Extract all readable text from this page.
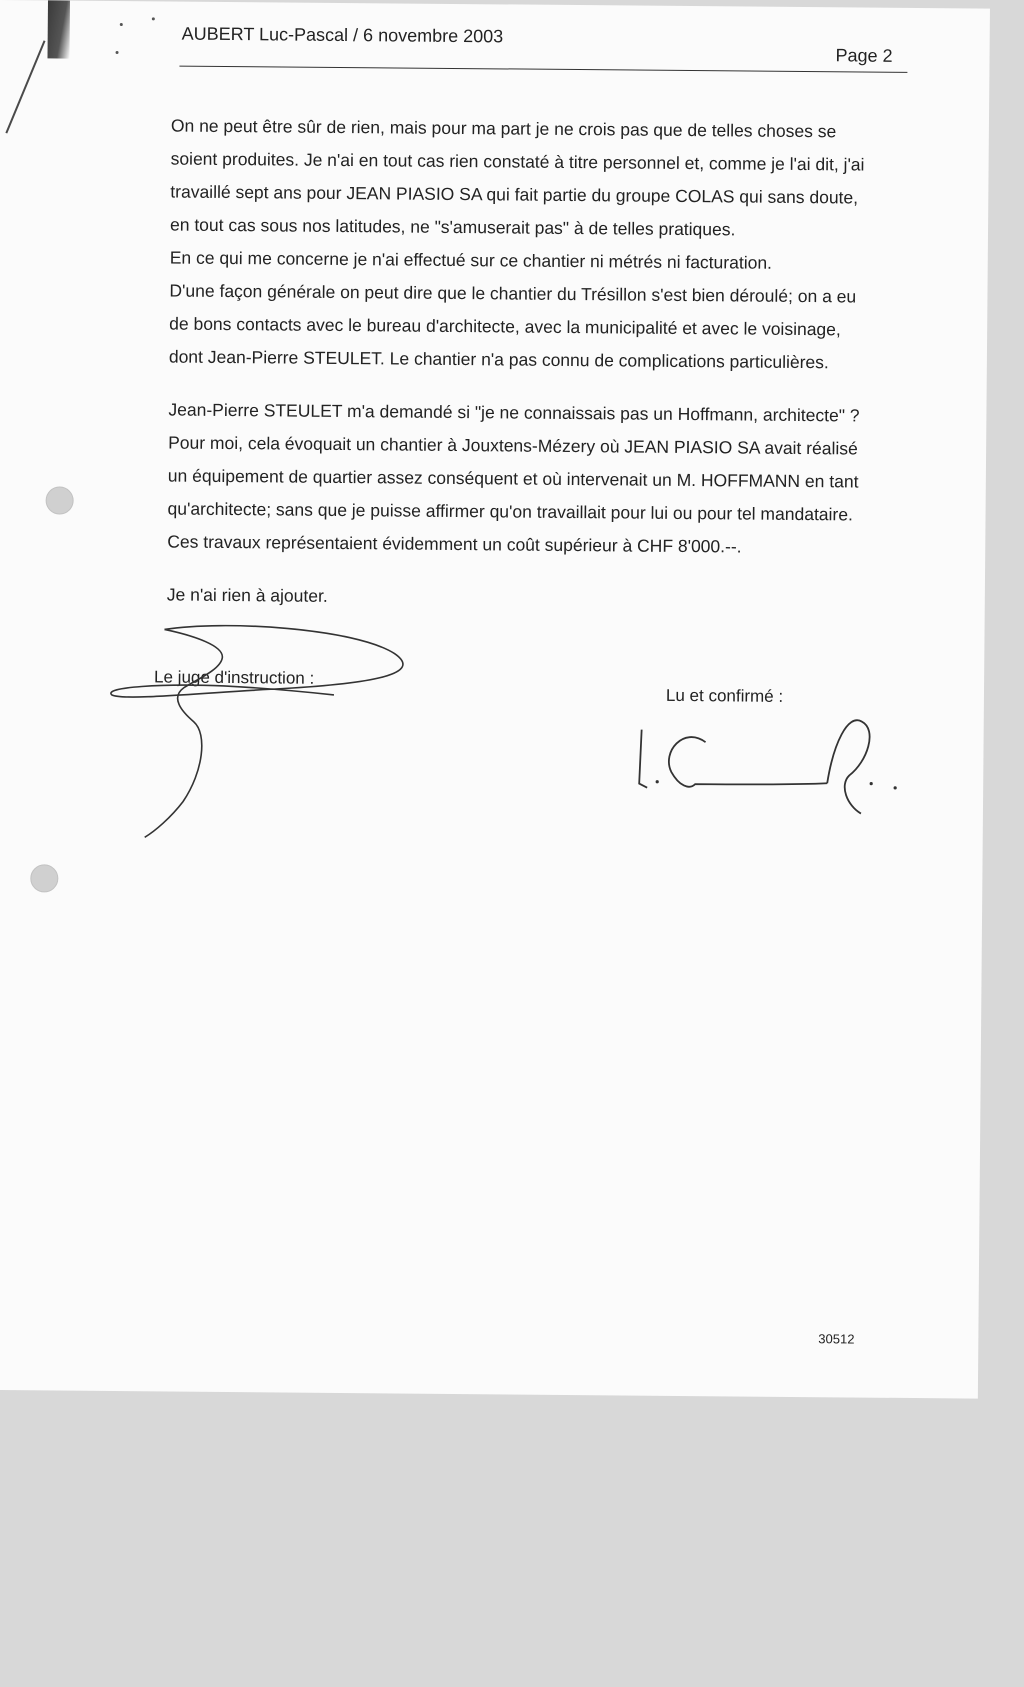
AUBERT Luc-Pascal / 6 novembre 2003
Page 2

On ne peut être sûr de rien, mais pour ma part je ne crois pas que de telles choses se

soient produites. Je n'ai en tout cas rien constaté à titre personnel et, comme je l'ai dit, j'ai

travaillé sept ans pour JEAN PIASIO SA qui fait partie du groupe COLAS qui sans doute,

en tout cas sous nos latitudes, ne "s'amuserait pas" à de telles pratiques.

En ce qui me concerne je n'ai effectué sur ce chantier ni métrés ni facturation.

D'une façon générale on peut dire que le chantier du Trésillon s'est bien déroulé; on a eu

de bons contacts avec le bureau d'architecte, avec la municipalité et avec le voisinage,

dont Jean-Pierre STEULET. Le chantier n'a pas connu de complications particulières.

Jean-Pierre STEULET m'a demandé si "je ne connaissais pas un Hoffmann, architecte" ?

Pour moi, cela évoquait un chantier à Jouxtens-Mézery où JEAN PIASIO SA avait réalisé

un équipement de quartier assez conséquent et où intervenait un M. HOFFMANN en tant

qu'architecte; sans que je puisse affirmer qu'on travaillait pour lui ou pour tel mandataire.

Ces travaux représentaient évidemment un coût supérieur à CHF 8'000.--.

Je n'ai rien à ajouter.

Le juge d'instruction :
Lu et confirmé :
30512
